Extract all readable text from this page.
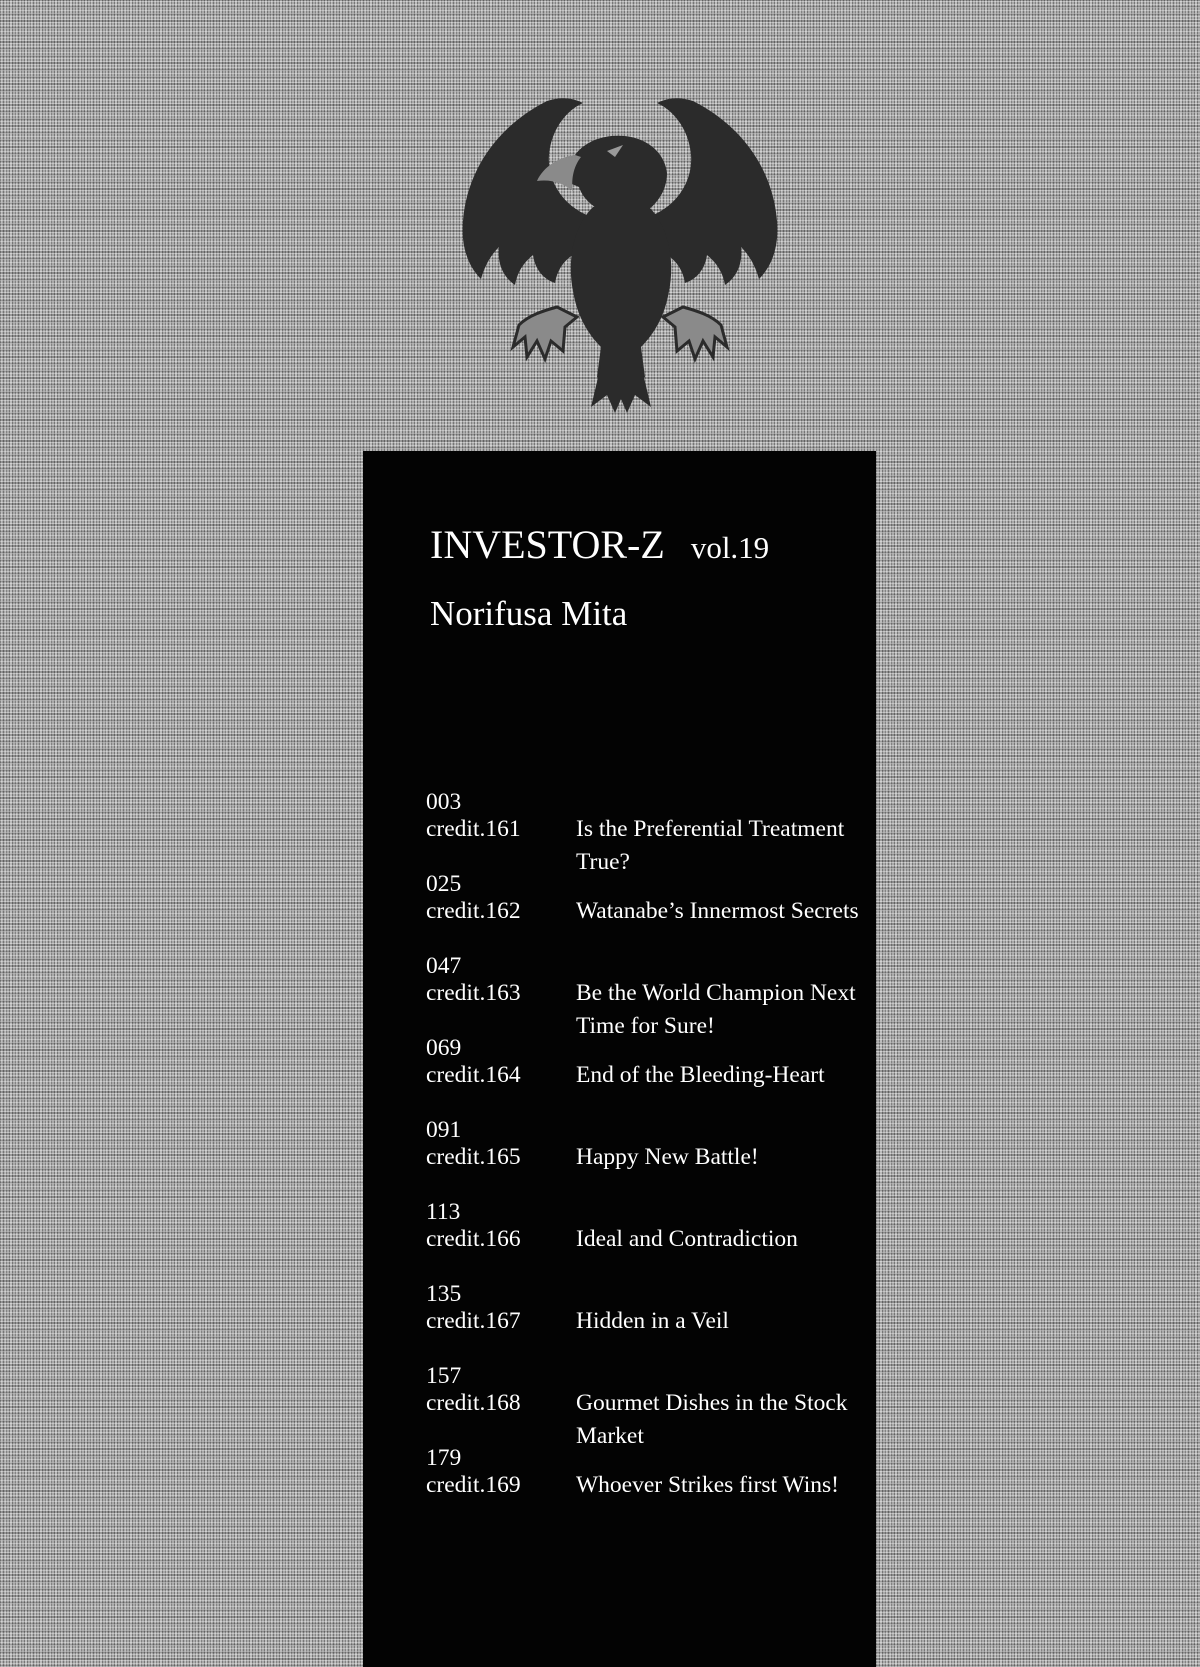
INVESTOR-Z vol.19
Norifusa Mita
003
credit.161 Is the Preferential Treatment True?
025
credit.162 Watanabe’s Innermost Secrets
047
credit.163 Be the World Champion Next Time for Sure!
069
credit.164 End of the Bleeding-Heart
091
credit.165 Happy New Battle!
113
credit.166 Ideal and Contradiction
135
credit.167 Hidden in a Veil
157
credit.168 Gourmet Dishes in the Stock Market
179
credit.169 Whoever Strikes first Wins!
